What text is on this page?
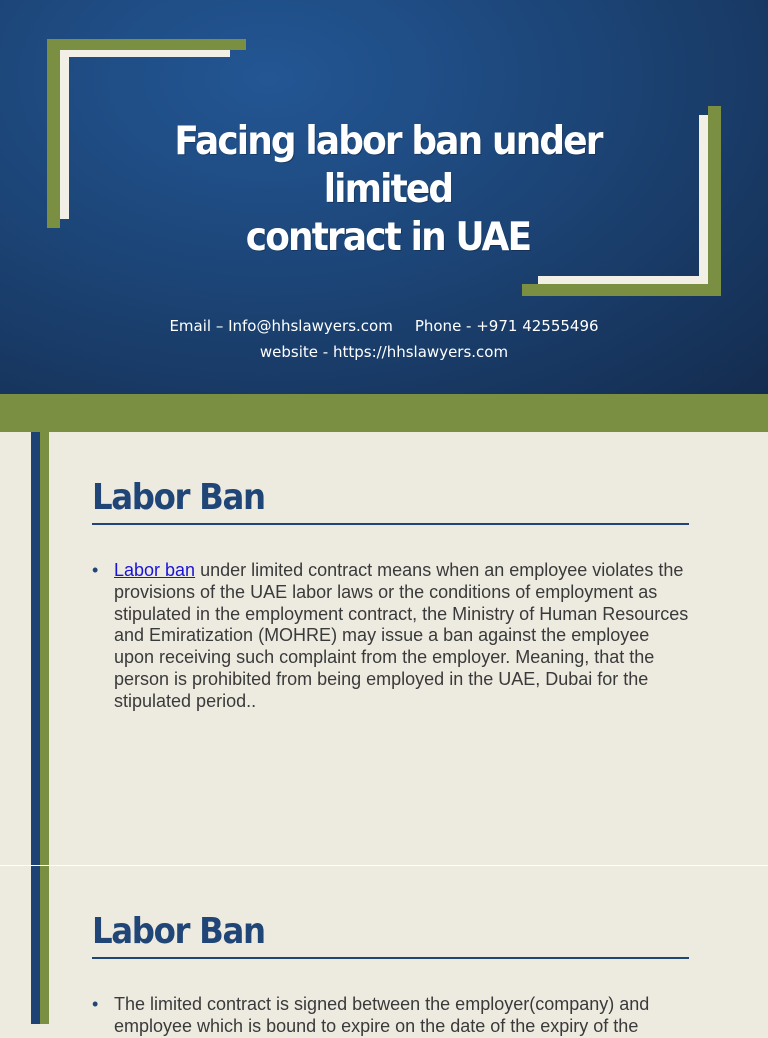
Facing labor ban under limited
contract in UAE
Email – Info@hhslawyers.com Phone - +971 42555496
website - https://hhslawyers.com
Labor Ban
• Labor ban under limited contract means when an employee violates the provisions of the UAE labor laws or the conditions of employment as stipulated in the employment contract, the Ministry of Human Resources and Emiratization (MOHRE) may issue a ban against the employee upon receiving such complaint from the employer. Meaning, that the person is prohibited from being employed in the UAE, Dubai for the stipulated period..
Labor Ban
• The limited contract is signed between the employer(company) and employee which is bound to expire on the date of the expiry of the
